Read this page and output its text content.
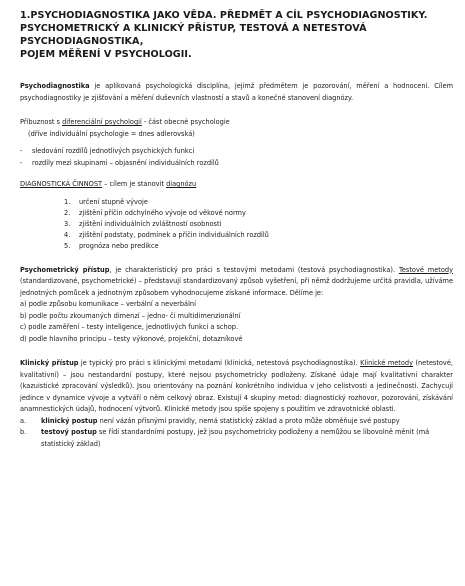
1.PSYCHODIAGNOSTIKA JAKO VĚDA. PŘEDMĚT A CÍL PSYCHODIAGNOSTIKY.
PSYCHOMETRICKÝ A KLINICKÝ PŘÍSTUP, TESTOVÁ A NETESTOVÁ PSYCHODIAGNOSTIKA,
POJEM MĚŘENÍ V PSYCHOLOGII.

Psychodiagnostika je aplikovaná psychologická disciplína, jejímž předmětem je pozorování, měření a hodnocení. Cílem psychodiagnostiky je zjišťování a měření duševních vlastností a stavů a konečné stanovení diagnózy.

Příbuznost s diferenciální psychologií - část obecné psychologie
(dříve individuální psychologie = dnes adlerovská)
-	sledování rozdílů jednotlivých psychických funkcí
-	rozdíly mezi skupinami – objasnění individuálních rozdílů
DIAGNOSTICKÁ ČINNOST – cílem je stanovit diagnózu
1.	určení stupně vývoje
2.	zjištění příčin odchylného vývoje od věkové normy
3.	zjištění individuálních zvláštností osobnosti
4.	zjištění podstaty, podmínek a příčin individuálních rozdílů
5.	prognóza nebo predikce

Psychometrický přístup, je charakteristický pro práci s testovými metodami (testová psychodiagnostika). Testové metody (standardizované, psychometrické) – představují standardizovaný způsob vyšetření, při němž dodržujeme určitá pravidla, užíváme jednotných pomůcek a jednotným způsobem vyhodnocujeme získané informace. Dělíme je:

a) podle způsobu komunikace – verbální a neverbální
b) podle počtu zkoumaných dimenzí – jedno- či multidimenzionální
c) podle zaměření – testy inteligence, jednotlivých funkcí a schop.
d) podle hlavního principu – testy výkonové, projekční, dotazníkové

Klinický přístup je typický pro práci s klinickými metodami (klinická, netestová psychodiagnostika). Klinické metody (netestové, kvalitativní) – jsou nestandardní postupy, které nejsou psychometricky podloženy. Získané údaje mají kvalitativní charakter (kazuistické zpracování výsledků). Jsou orientovány na poznání konkrétního individua v jeho celistvosti a jedinečnosti. Zachycují jedince v dynamice vývoje a vytváří o něm celkový obraz. Existují 4 skupiny metod: diagnostický rozhovor, pozorování, získávání anamnestických údajů, hodnocení výtvorů. Klinické metody jsou spíše spojeny s použitím ve zdravotnické oblasti.

a.	klinický postup není vázán přísnými pravidly, nemá statistický základ a proto může obměňuje své postupy
b.	testový postup se řídí standardními postupy, jež jsou psychometricky podloženy a nemůžou se libovolně měnit (má statistický základ)
